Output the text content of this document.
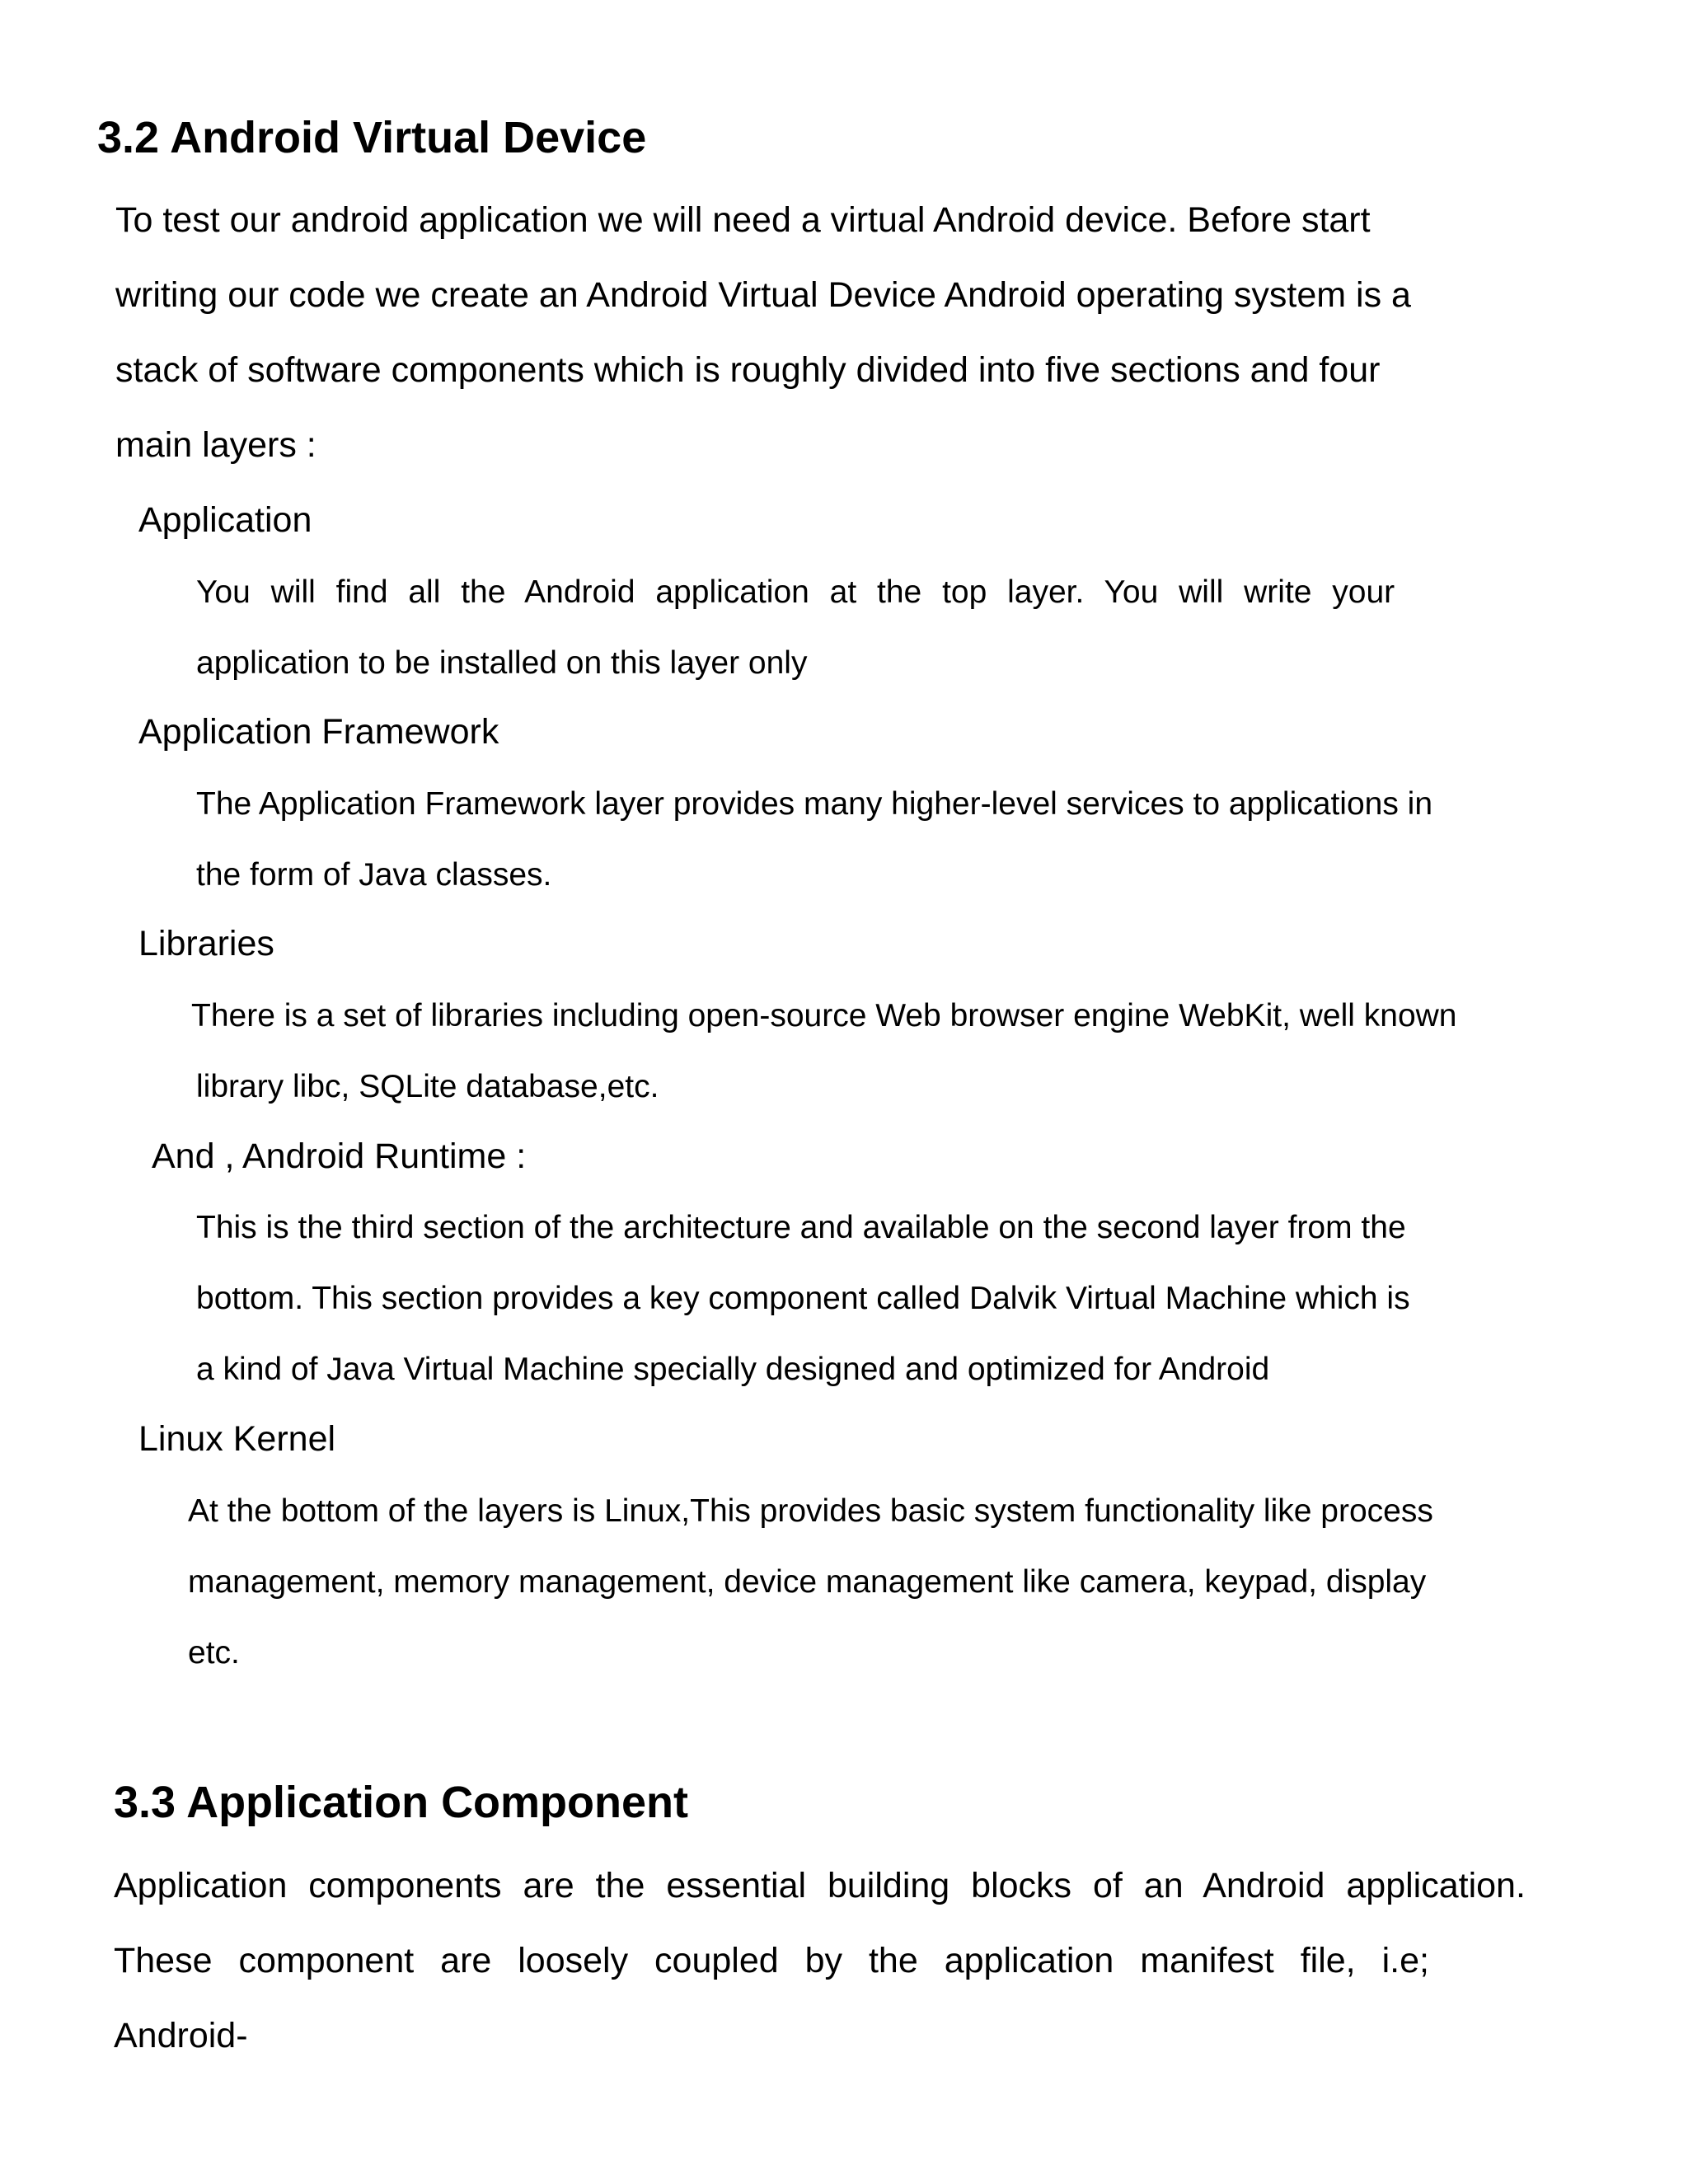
3.2 Android Virtual Device
To test our android application we will need a virtual Android device. Before start
writing our code we create an Android Virtual Device Android operating system is a
stack of software components which is roughly divided into five sections and four
main layers :
Application
You will find all the Android application at the top layer. You will write your
application to be installed on this layer only
Application Framework
The Application Framework layer provides many higher-level services to applications in
the form of Java classes.
Libraries
There is a set of libraries including open-source Web browser engine WebKit, well known
library libc, SQLite database,etc.
And , Android Runtime :
This is the third section of the architecture and available on the second layer from the
bottom. This section provides a key component called Dalvik Virtual Machine which is
a kind of Java Virtual Machine specially designed and optimized for Android
Linux Kernel
At the bottom of the layers is Linux,This provides basic system functionality like process
management, memory management, device management like camera, keypad, display
etc.
3.3 Application Component
Application components are the essential building blocks of an Android application.
These component are loosely coupled by the application manifest file, i.e;
Android-
